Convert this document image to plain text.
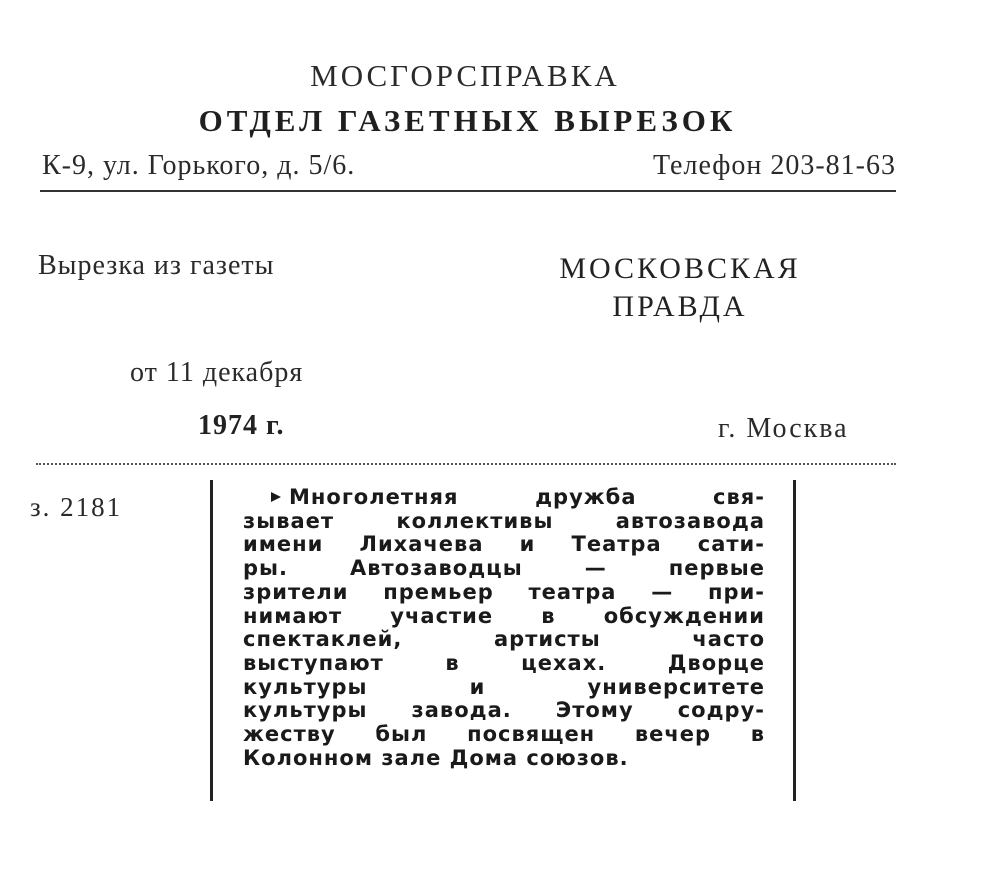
МОСГОРСПРАВКА
ОТДЕЛ ГАЗЕТНЫХ ВЫРЕЗОК
К-9, ул. Горького, д. 5/6.	Телефон 203-81-63
Вырезка из газеты	МОСКОВСКАЯ
ПРАВДА
от 11 декабря
1974 г.	г. Москва
з. 2181	Многолетняя дружба свя-
зывает коллективы автозавода
имени Лихачева и Театра сати-
ры. Автозаводцы — первые
зрители премьер театра — при-
нимают участие в обсуждении
спектаклей, артисты часто
выступают в цехах. Дворце
культуры и университете
культуры завода. Этому содру-
жеству был посвящен вечер в
Колонном зале Дома союзов.
